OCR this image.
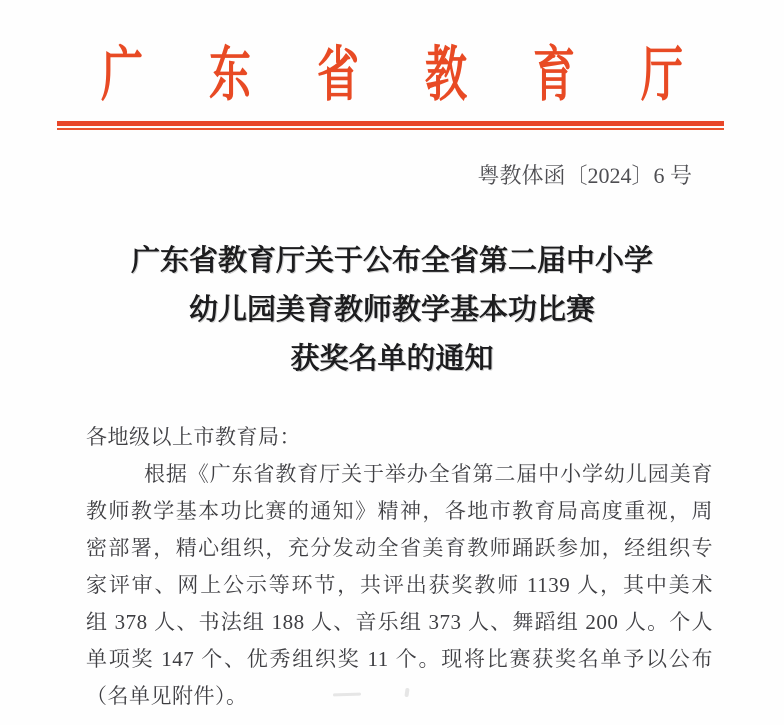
广东省教育厅
粤教体函〔2024〕6 号
广东省教育厅关于公布全省第二届中小学
幼儿园美育教师教学基本功比赛
获奖名单的通知
各地级以上市教育局：
根据《广东省教育厅关于举办全省第二届中小学幼儿园美育
教师教学基本功比赛的通知》精神，各地市教育局高度重视，周
密部署，精心组织，充分发动全省美育教师踊跃参加，经组织专
家评审、网上公示等环节，共评出获奖教师 1139 人，其中美术
组 378 人、书法组 188 人、音乐组 373 人、舞蹈组 200 人。个人
单项奖 147 个、优秀组织奖 11 个。现将比赛获奖名单予以公布
（名单见附件）。
